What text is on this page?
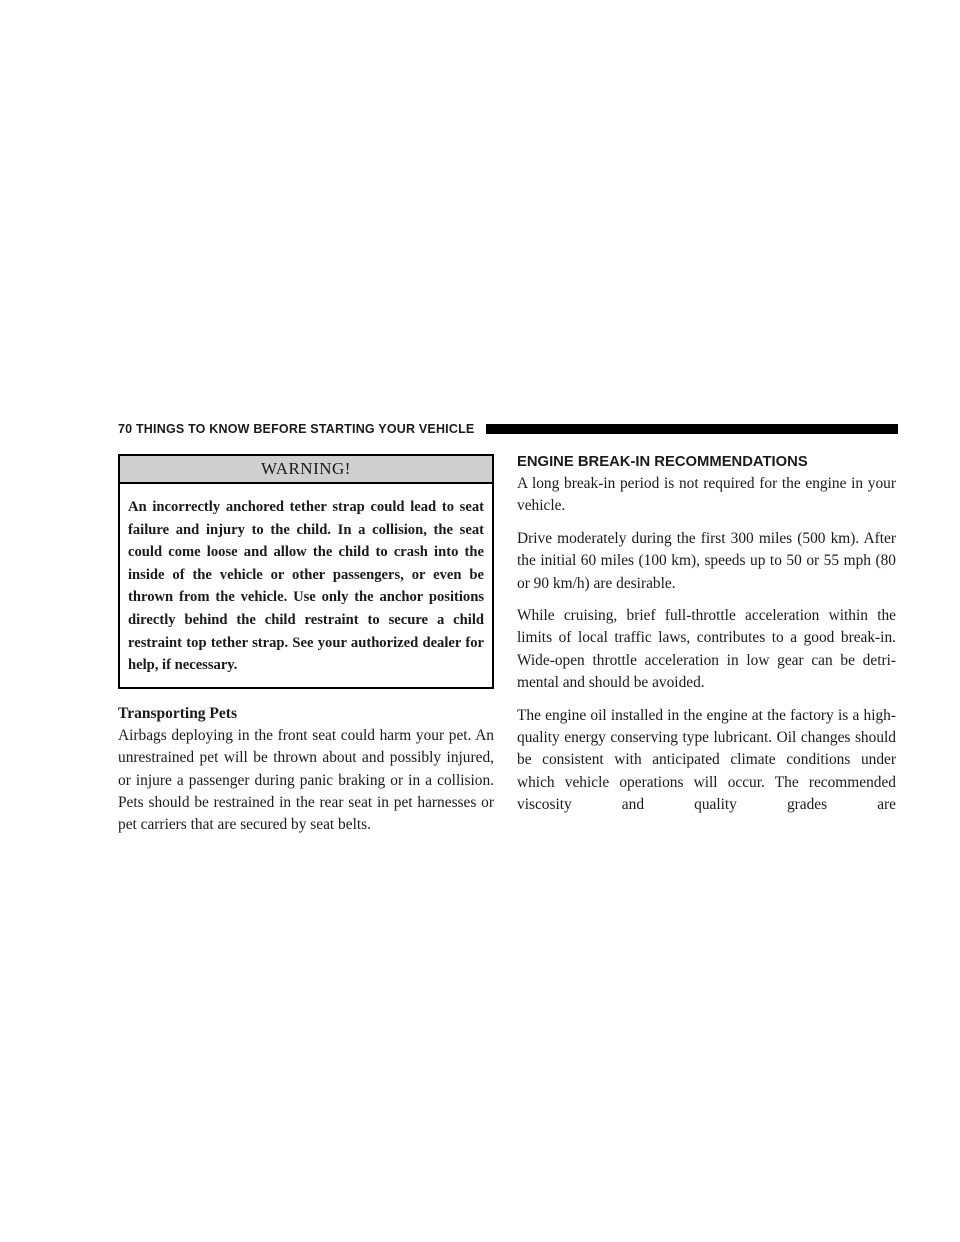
70 THINGS TO KNOW BEFORE STARTING YOUR VEHICLE
WARNING!
An incorrectly anchored tether strap could lead to seat failure and injury to the child. In a collision, the seat could come loose and allow the child to crash into the inside of the vehicle or other passengers, or even be thrown from the vehicle. Use only the anchor positions directly behind the child restraint to secure a child restraint top tether strap. See your authorized dealer for help, if necessary.
Transporting Pets

Airbags deploying in the front seat could harm your pet. An unrestrained pet will be thrown about and possibly injured, or injure a passenger during panic braking or in a collision. Pets should be restrained in the rear seat in pet harnesses or pet carriers that are secured by seat belts.

ENGINE BREAK-IN RECOMMENDATIONS

A long break-in period is not required for the engine in your vehicle.

Drive moderately during the first 300 miles (500 km). After the initial 60 miles (100 km), speeds up to 50 or 55 mph (80 or 90 km/h) are desirable.

While cruising, brief full-throttle acceleration within the limits of local traffic laws, contributes to a good break-in. Wide-open throttle acceleration in low gear can be detri-mental and should be avoided.

The engine oil installed in the engine at the factory is a high-quality energy conserving type lubricant. Oil changes should be consistent with anticipated climate conditions under which vehicle operations will occur. The recommended viscosity and quality grades are
